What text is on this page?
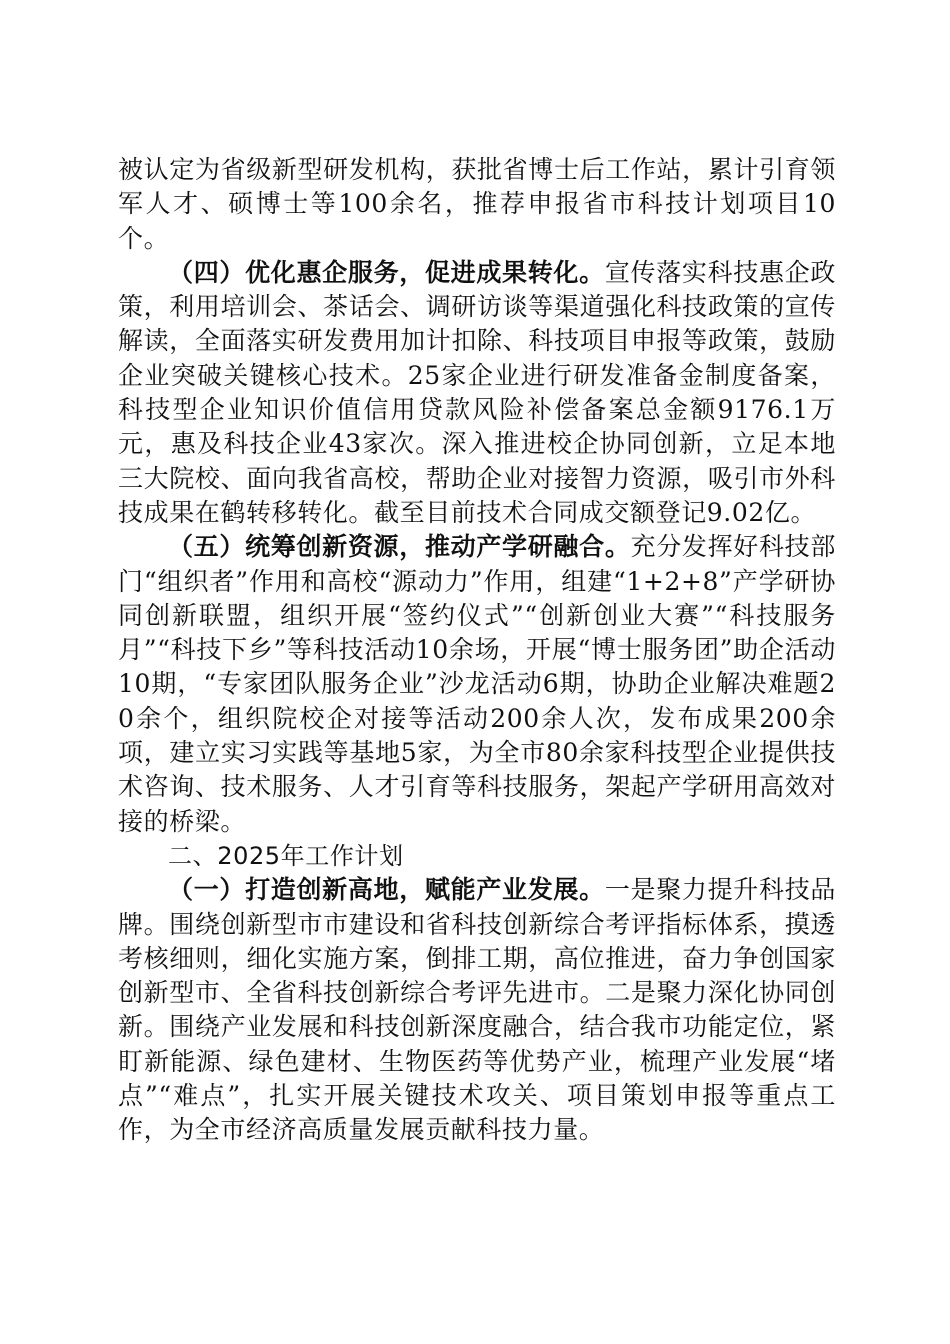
被认定为省级新型研发机构，获批省博士后工作站，累计引育领军人才、硕博士等100余名，推荐申报省市科技计划项目10个。

（四）优化惠企服务，促进成果转化。宣传落实科技惠企政策，利用培训会、茶话会、调研访谈等渠道强化科技政策的宣传解读，全面落实研发费用加计扣除、科技项目申报等政策，鼓励企业突破关键核心技术。25家企业进行研发准备金制度备案，科技型企业知识价值信用贷款风险补偿备案总金额9176.1万元，惠及科技企业43家次。深入推进校企协同创新，立足本地三大院校、面向我省高校，帮助企业对接智力资源，吸引市外科技成果在鹤转移转化。截至目前技术合同成交额登记9.02亿。

（五）统筹创新资源，推动产学研融合。充分发挥好科技部门“组织者”作用和高校“源动力”作用，组建“1+2+8”产学研协同创新联盟，组织开展“签约仪式”“创新创业大赛”“科技服务月”“科技下乡”等科技活动10余场，开展“博士服务团”助企活动10期，“专家团队服务企业”沙龙活动6期，协助企业解决难题20余个，组织院校企对接等活动200余人次，发布成果200余项，建立实习实践等基地5家，为全市80余家科技型企业提供技术咨询、技术服务、人才引育等科技服务，架起产学研用高效对接的桥梁。

二、2025年工作计划

（一）打造创新高地，赋能产业发展。一是聚力提升科技品牌。围绕创新型市市建设和省科技创新综合考评指标体系，摸透考核细则，细化实施方案，倒排工期，高位推进，奋力争创国家创新型市、全省科技创新综合考评先进市。二是聚力深化协同创新。围绕产业发展和科技创新深度融合，结合我市功能定位，紧盯新能源、绿色建材、生物医药等优势产业，梳理产业发展“堵点”“难点”，扎实开展关键技术攻关、项目策划申报等重点工作，为全市经济高质量发展贡献科技力量。
